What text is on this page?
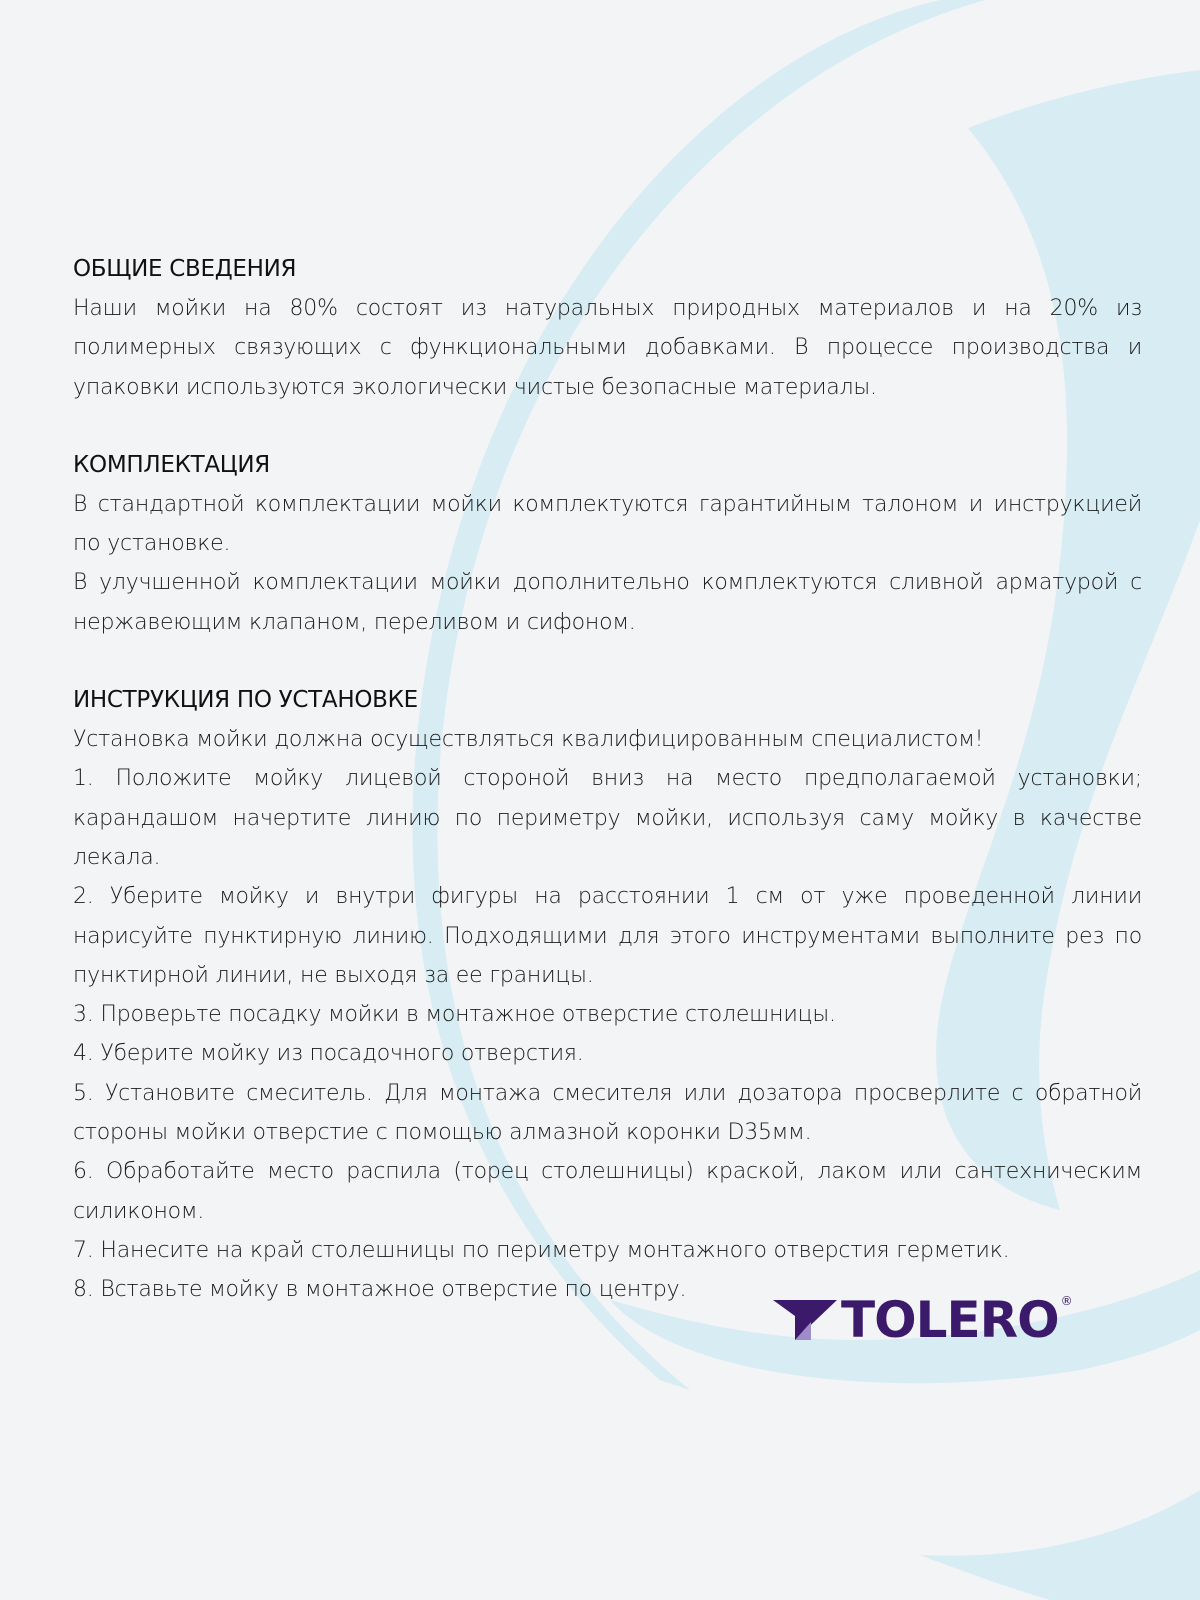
ОБЩИЕ СВЕДЕНИЯ

Наши мойки на 80% состоят из натуральных природных материалов и на 20% из полимерных связующих с функциональными добавками. В процессе производства и упаковки используются экологически чистые безопасные материалы.

КОМПЛЕКТАЦИЯ

В стандартной комплектации мойки комплектуются гарантийным талоном и инструкцией по установке.

В улучшенной комплектации мойки дополнительно комплектуются сливной арматурой с нержавеющим клапаном, переливом и сифоном.

ИНСТРУКЦИЯ ПО УСТАНОВКЕ

Установка мойки должна осуществляться квалифицированным специалистом!

1. Положите мойку лицевой стороной вниз на место предполагаемой установки; карандашом начертите линию по периметру мойки, используя саму мойку в качестве лекала.

2. Уберите мойку и внутри фигуры на расстоянии 1 см от уже проведенной линии нарисуйте пунктирную линию. Подходящими для этого инструментами выполните рез по пунктирной линии, не выходя за ее границы.

3. Проверьте посадку мойки в монтажное отверстие столешницы.

4. Уберите мойку из посадочного отверстия.

5. Установите смеситель. Для монтажа смесителя или дозатора просверлите с обратной стороны мойки отверстие с помощью алмазной коронки D35мм.

6. Обработайте место распила (торец столешницы) краской, лаком или сантехническим силиконом.

7. Нанесите на край столешницы по периметру монтажного отверстия герметик.

8. Вставьте мойку в монтажное отверстие по центру.

TOLERO ®
